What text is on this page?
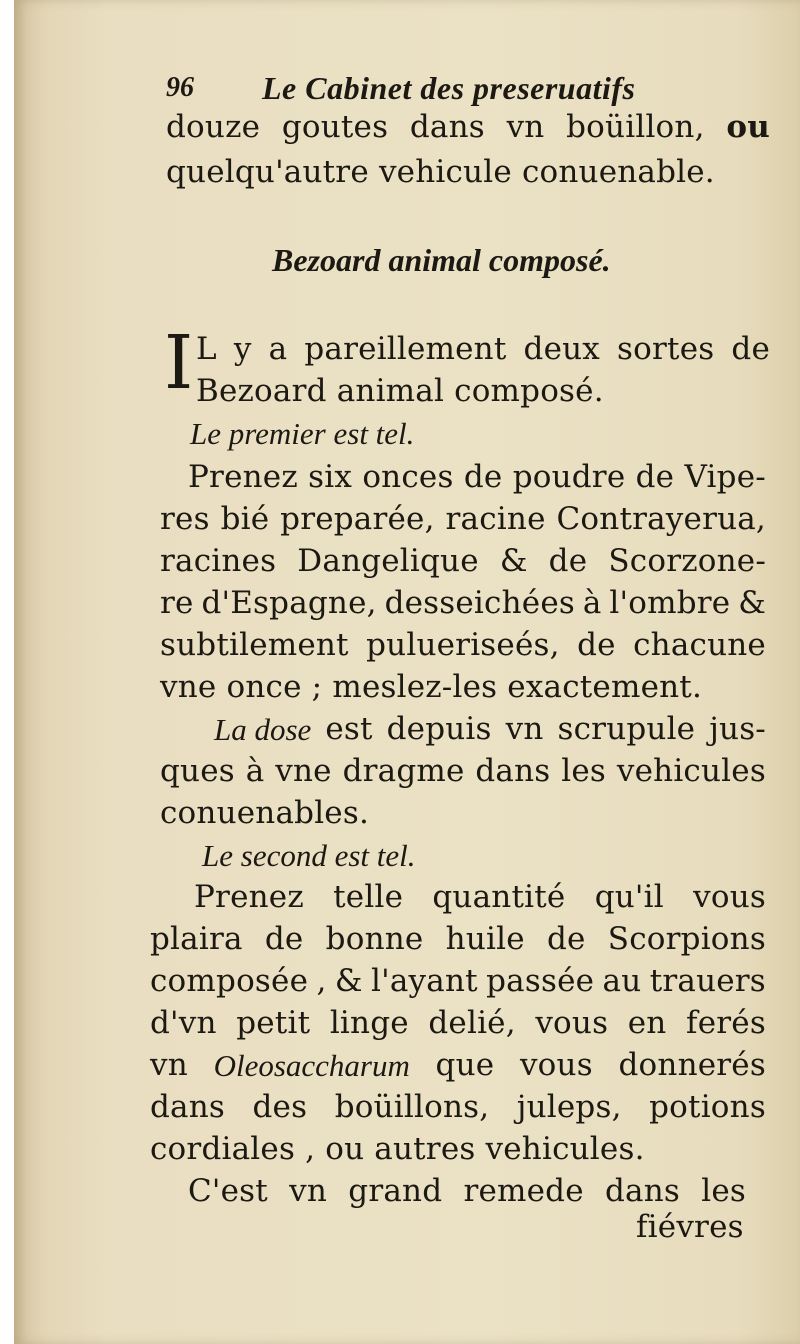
96 Le Cabinet des preseruatifs
douze goutes dans vn boüillon, ou
quelqu'autre vehicule conuenable.
Bezoard animal composé.
I L y a pareillement deux sortes de
Bezoard animal composé.
Le premier est tel.
Prenez six onces de poudre de Vipe-
res bié preparée, racine Contrayerua,
racines Dangelique & de Scorzone-
re d'Espagne, desseichées à l'ombre &
subtilement pulueriseés, de chacune
vne once ; meslez-les exactement.
La dose est depuis vn scrupule jus-
ques à vne dragme dans les vehicules
conuenables.
Le second est tel.
Prenez telle quantité qu'il vous
plaira de bonne huile de Scorpions
composée , & l'ayant passée au trauers
d'vn petit linge delié, vous en ferés
vn Oleosaccharum que vous donnerés
dans des boüillons, juleps, potions
cordiales , ou autres vehicules.
C'est vn grand remede dans les
fiévres
